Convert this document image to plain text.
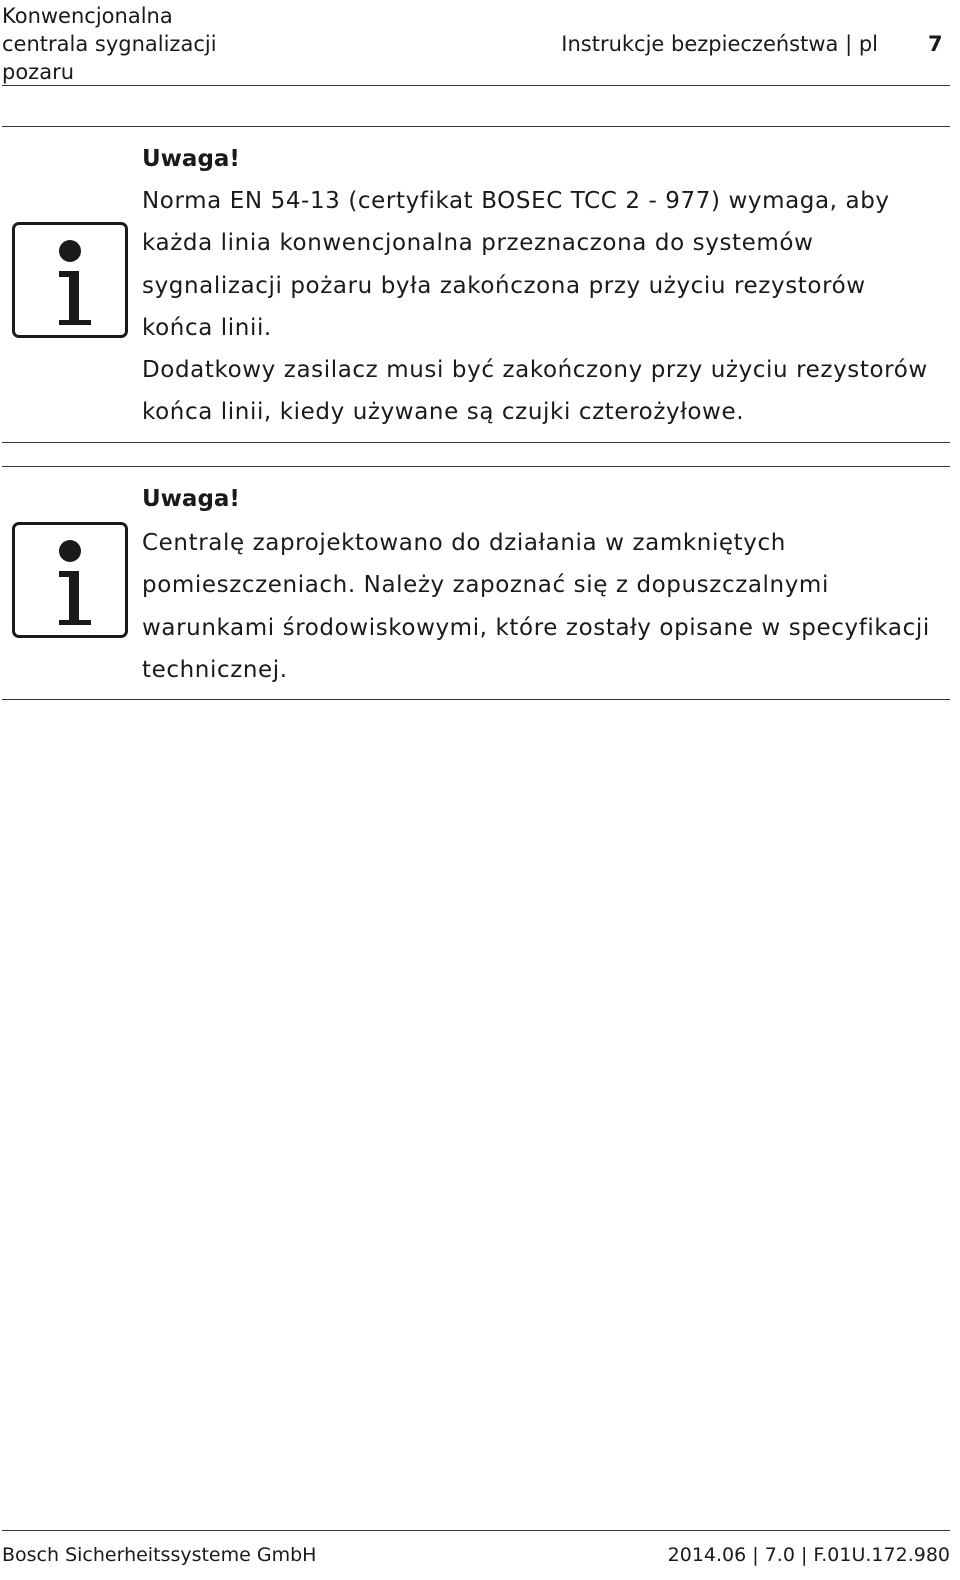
Konwencjonalna
centrala sygnalizacji
pozaru
Instrukcje bezpieczeństwa | pl 7
Uwaga!

Norma EN 54-13 (certyfikat BOSEC TCC 2 - 977) wymaga, aby każda linia konwencjonalna przeznaczona do systemów sygnalizacji pożaru była zakończona przy użyciu rezystorów końca linii.

Dodatkowy zasilacz musi być zakończony przy użyciu rezystorów końca linii, kiedy używane są czujki czterożyłowe.

Uwaga!

Centralę zaprojektowano do działania w zamkniętych pomieszczeniach. Należy zapoznać się z dopuszczalnymi warunkami środowiskowymi, które zostały opisane w specyfikacji technicznej.

Bosch Sicherheitssysteme GmbH	2014.06 | 7.0 | F.01U.172.980
